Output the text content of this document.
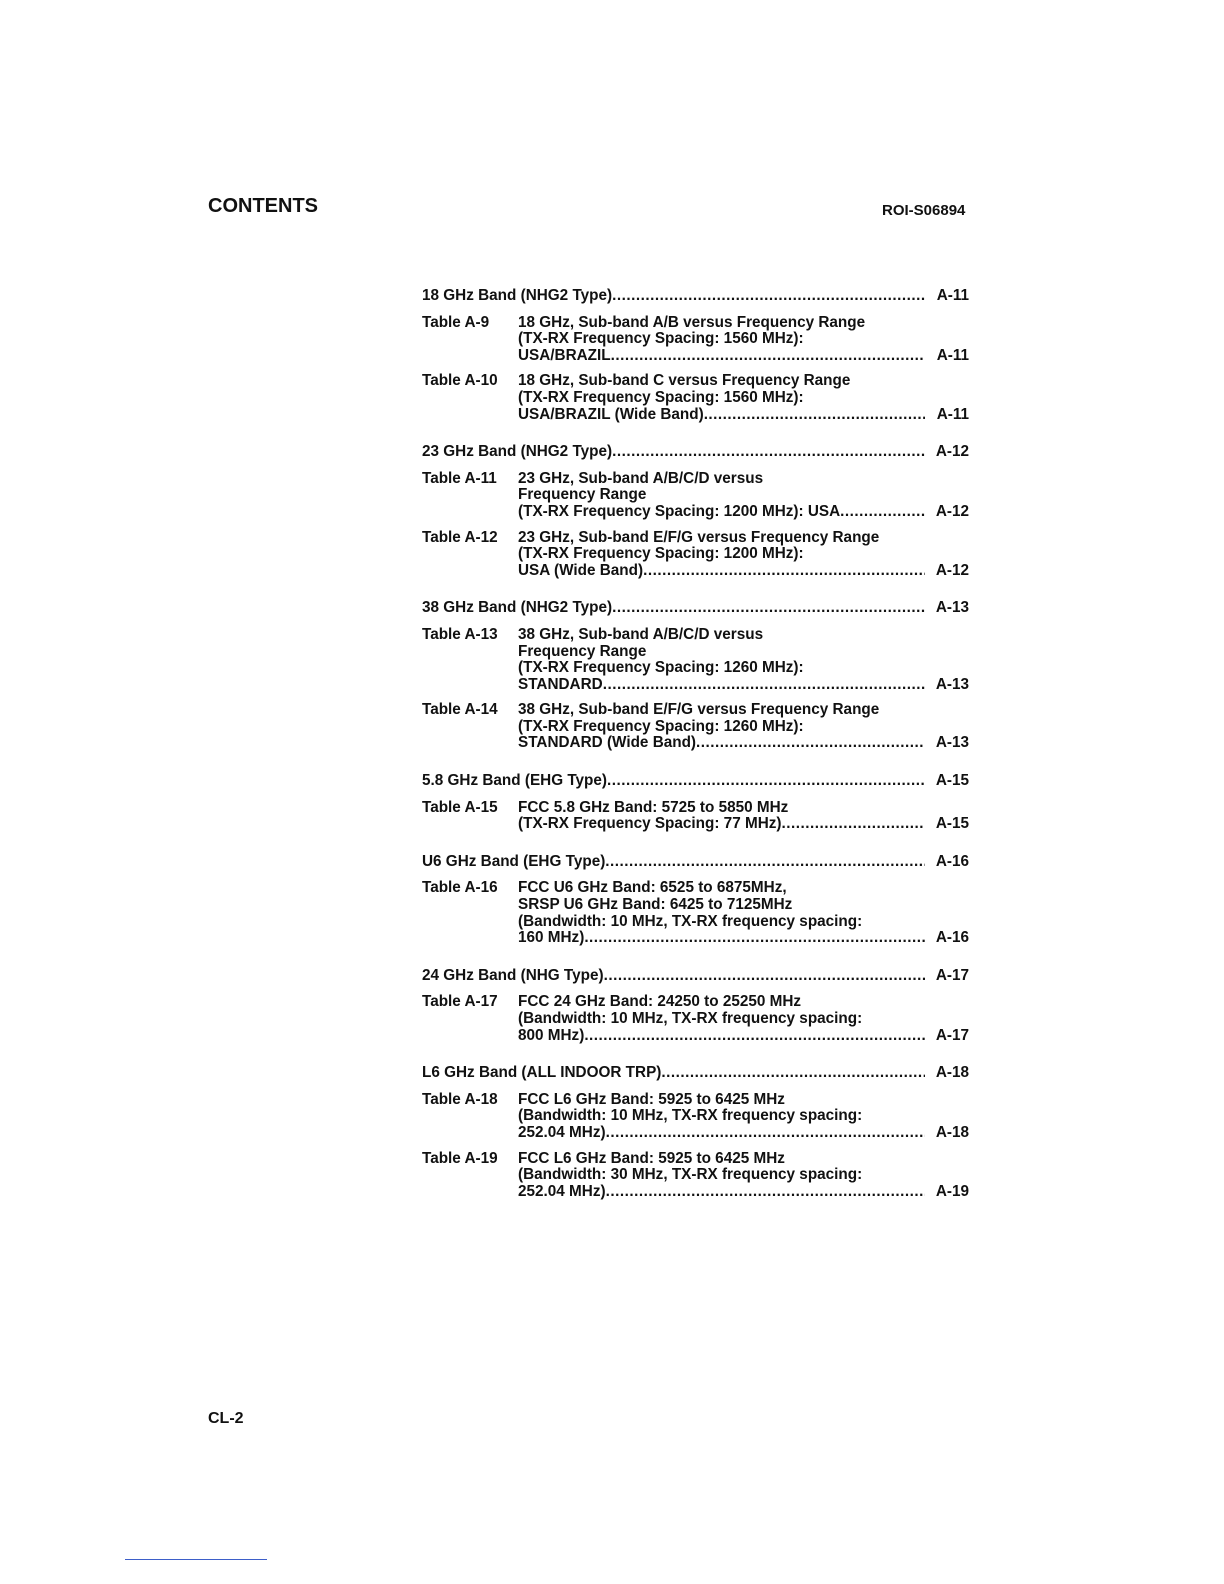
CONTENTS	ROI-S06894
18 GHz Band (NHG2 Type) .....	A-11
Table A-9	18 GHz, Sub-band A/B versus Frequency Range
(TX-RX Frequency Spacing: 1560 MHz):
USA/BRAZIL .....	A-11
Table A-10	18 GHz, Sub-band C versus Frequency Range
(TX-RX Frequency Spacing: 1560 MHz):
USA/BRAZIL (Wide Band) .....	A-11
23 GHz Band (NHG2 Type) .....	A-12
Table A-11	23 GHz, Sub-band A/B/C/D versus
Frequency Range
(TX-RX Frequency Spacing: 1200 MHz): USA .....	A-12
Table A-12	23 GHz, Sub-band E/F/G versus Frequency Range
(TX-RX Frequency Spacing: 1200 MHz):
USA (Wide Band) .....	A-12
38 GHz Band (NHG2 Type) .....	A-13
Table A-13	38 GHz, Sub-band A/B/C/D versus
Frequency Range
(TX-RX Frequency Spacing: 1260 MHz):
STANDARD .....	A-13
Table A-14	38 GHz, Sub-band E/F/G versus Frequency Range
(TX-RX Frequency Spacing: 1260 MHz):
STANDARD (Wide Band) .....	A-13
5.8 GHz Band (EHG Type) .....	A-15
Table A-15	FCC 5.8 GHz Band: 5725 to 5850 MHz
(TX-RX Frequency Spacing: 77 MHz) .....	A-15
U6 GHz Band (EHG Type) .....	A-16
Table A-16	FCC U6 GHz Band: 6525 to 6875MHz,
SRSP U6 GHz Band: 6425 to 7125MHz
(Bandwidth: 10 MHz, TX-RX frequency spacing:
160 MHz) .....	A-16
24 GHz Band (NHG Type) .....	A-17
Table A-17	FCC 24 GHz Band: 24250 to 25250 MHz
(Bandwidth: 10 MHz, TX-RX frequency spacing:
800 MHz) .....	A-17
L6 GHz Band (ALL INDOOR TRP) .....	A-18
Table A-18	FCC L6 GHz Band: 5925 to 6425 MHz
(Bandwidth: 10 MHz, TX-RX frequency spacing:
252.04 MHz) .....	A-18
Table A-19	FCC L6 GHz Band: 5925 to 6425 MHz
(Bandwidth: 30 MHz, TX-RX frequency spacing:
252.04 MHz) .....	A-19
CL-2
